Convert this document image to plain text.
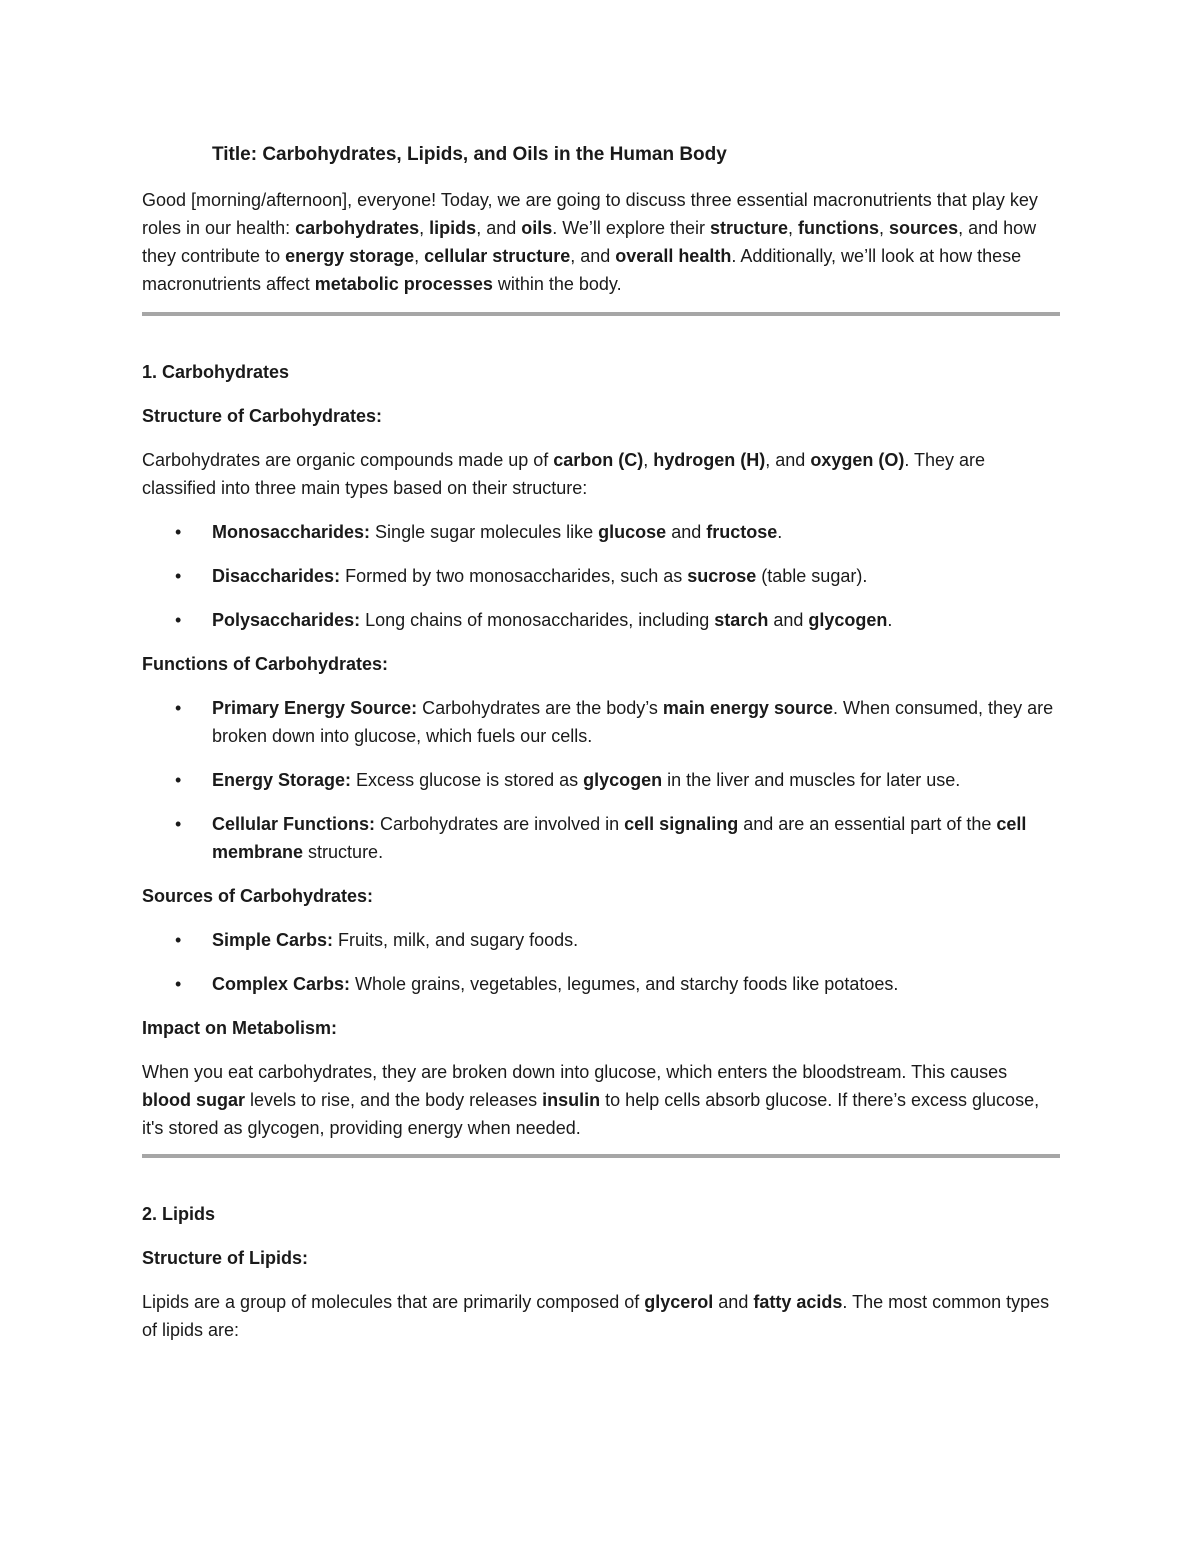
Title: Carbohydrates, Lipids, and Oils in the Human Body

Good [morning/afternoon], everyone! Today, we are going to discuss three essential macronutrients that play key roles in our health: carbohydrates, lipids, and oils. We’ll explore their structure, functions, sources, and how they contribute to energy storage, cellular structure, and overall health. Additionally, we’ll look at how these macronutrients affect metabolic processes within the body.

1. Carbohydrates

Structure of Carbohydrates:

Carbohydrates are organic compounds made up of carbon (C), hydrogen (H), and oxygen (O). They are classified into three main types based on their structure:

• Monosaccharides: Single sugar molecules like glucose and fructose.
• Disaccharides: Formed by two monosaccharides, such as sucrose (table sugar).
• Polysaccharides: Long chains of monosaccharides, including starch and glycogen.

Functions of Carbohydrates:

• Primary Energy Source: Carbohydrates are the body’s main energy source. When consumed, they are broken down into glucose, which fuels our cells.
• Energy Storage: Excess glucose is stored as glycogen in the liver and muscles for later use.
• Cellular Functions: Carbohydrates are involved in cell signaling and are an essential part of the cell membrane structure.

Sources of Carbohydrates:

• Simple Carbs: Fruits, milk, and sugary foods.
• Complex Carbs: Whole grains, vegetables, legumes, and starchy foods like potatoes.

Impact on Metabolism:

When you eat carbohydrates, they are broken down into glucose, which enters the bloodstream. This causes blood sugar levels to rise, and the body releases insulin to help cells absorb glucose. If there’s excess glucose, it's stored as glycogen, providing energy when needed.

2. Lipids

Structure of Lipids:

Lipids are a group of molecules that are primarily composed of glycerol and fatty acids. The most common types of lipids are:
